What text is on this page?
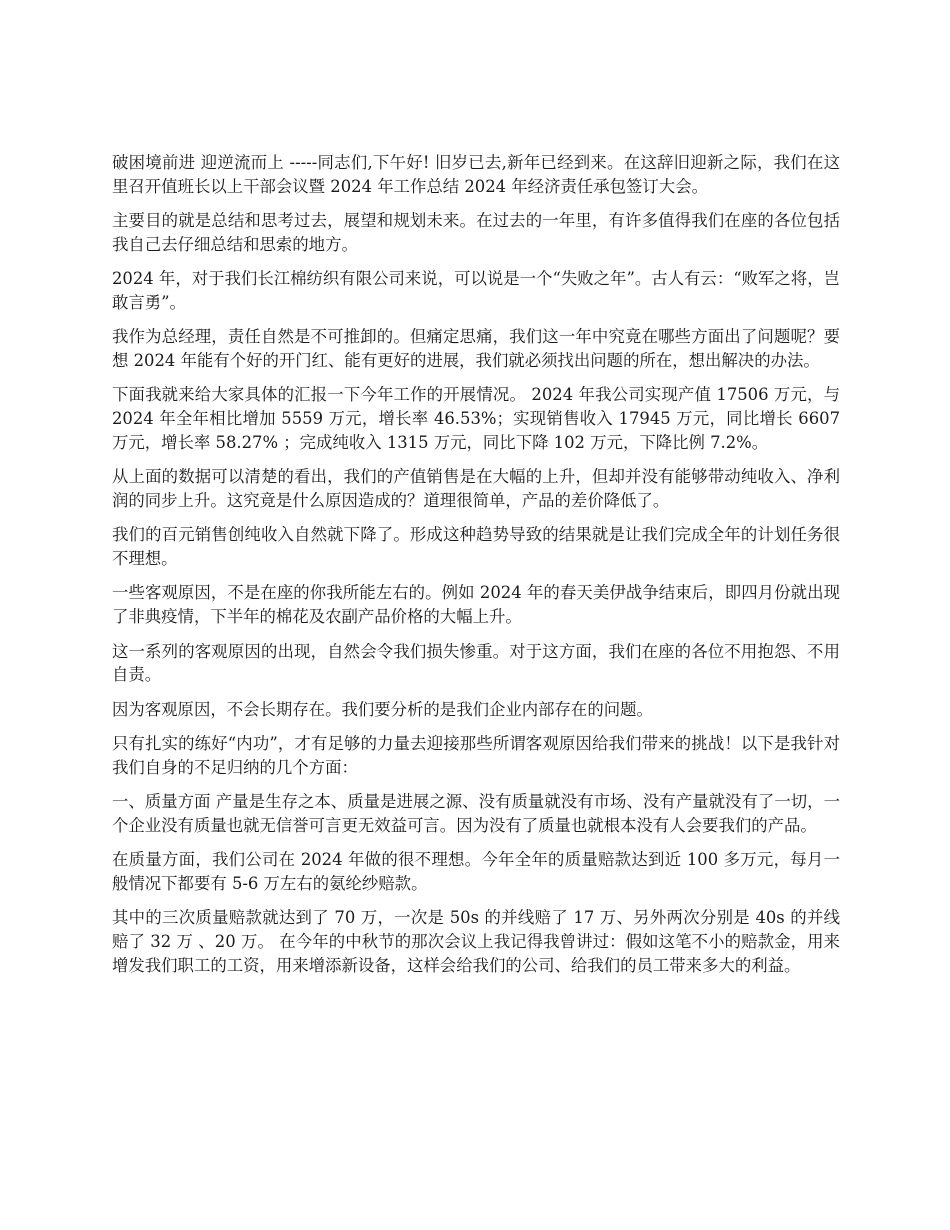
破困境前进 迎逆流而上 -----同志们,下午好! 旧岁已去,新年已经到来。在这辞旧迎新之际，我们在这里召开值班长以上干部会议暨 2024 年工作总结 2024 年经济责任承包签订大会。

主要目的就是总结和思考过去，展望和规划未来。在过去的一年里，有许多值得我们在座的各位包括我自己去仔细总结和思索的地方。

2024 年，对于我们长江棉纺织有限公司来说，可以说是一个“失败之年”。古人有云：“败军之将，岂敢言勇”。

我作为总经理，责任自然是不可推卸的。但痛定思痛，我们这一年中究竟在哪些方面出了问题呢？要想 2024 年能有个好的开门红、能有更好的进展，我们就必须找出问题的所在，想出解决的办法。

下面我就来给大家具体的汇报一下今年工作的开展情况。 2024 年我公司实现产值 17506 万元，与 2024 年全年相比增加 5559 万元，增长率 46.53%；实现销售收入 17945 万元，同比增长 6607 万元，增长率 58.27% ；完成纯收入 1315 万元，同比下降 102 万元，下降比例 7.2%。

从上面的数据可以清楚的看出，我们的产值销售是在大幅的上升，但却并没有能够带动纯收入、净利润的同步上升。这究竟是什么原因造成的？道理很简单，产品的差价降低了。

我们的百元销售创纯收入自然就下降了。形成这种趋势导致的结果就是让我们完成全年的计划任务很不理想。

一些客观原因，不是在座的你我所能左右的。例如 2024 年的春天美伊战争结束后，即四月份就出现了非典疫情，下半年的棉花及农副产品价格的大幅上升。

这一系列的客观原因的出现，自然会令我们损失惨重。对于这方面，我们在座的各位不用抱怨、不用自责。

因为客观原因，不会长期存在。我们要分析的是我们企业内部存在的问题。

只有扎实的练好“内功”，才有足够的力量去迎接那些所谓客观原因给我们带来的挑战！以下是我针对我们自身的不足归纳的几个方面：

一、质量方面 产量是生存之本、质量是进展之源、没有质量就没有市场、没有产量就没有了一切，一个企业没有质量也就无信誉可言更无效益可言。因为没有了质量也就根本没有人会要我们的产品。

在质量方面，我们公司在 2024 年做的很不理想。今年全年的质量赔款达到近 100 多万元，每月一般情况下都要有 5-6 万左右的氨纶纱赔款。

其中的三次质量赔款就达到了 70 万，一次是 50s 的并线赔了 17 万、另外两次分别是 40s 的并线赔了 32 万 、20 万。 在今年的中秋节的那次会议上我记得我曾讲过：假如这笔不小的赔款金，用来增发我们职工的工资，用来增添新设备，这样会给我们的公司、给我们的员工带来多大的利益。
